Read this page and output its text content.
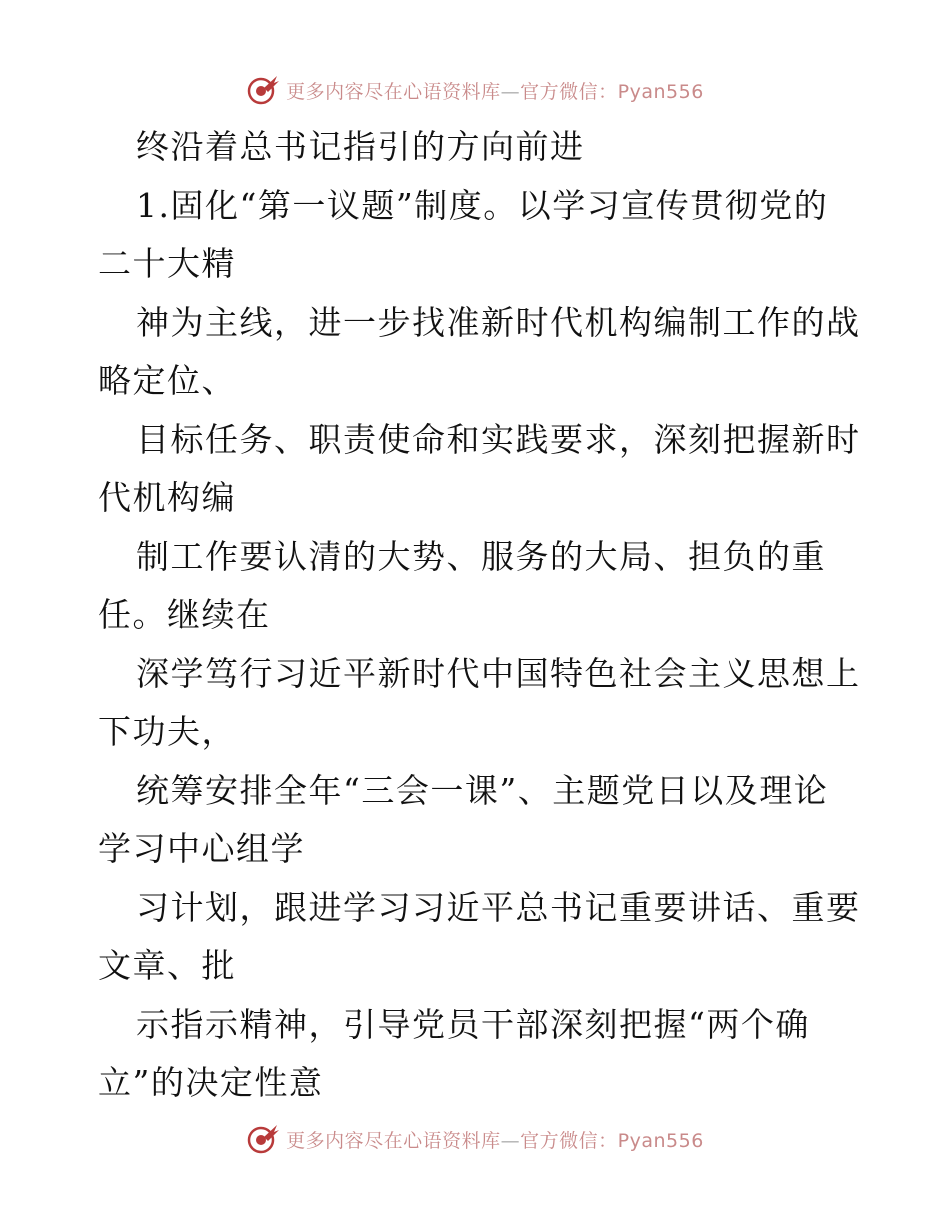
更多内容尽在心语资料库—官方微信：Pyan556
终沿着总书记指引的方向前进
1.固化“第一议题”制度。以学习宣传贯彻党的
二十大精
神为主线，进一步找准新时代机构编制工作的战
略定位、
目标任务、职责使命和实践要求，深刻把握新时
代机构编
制工作要认清的大势、服务的大局、担负的重
任。继续在
深学笃行习近平新时代中国特色社会主义思想上
下功夫，
统筹安排全年“三会一课”、主题党日以及理论
学习中心组学
习计划，跟进学习习近平总书记重要讲话、重要
文章、批
示指示精神，引导党员干部深刻把握“两个确
立”的决定性意
更多内容尽在心语资料库—官方微信：Pyan556
